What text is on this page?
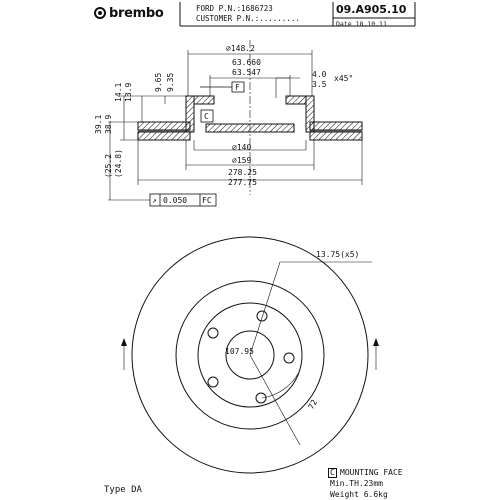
brembo	FORD P.N.:1686723
CUSTOMER P.N.:.........
09.A905.10
Date 18.10.11
⌀148.2
63.660
63.547	4.0
3.5
x45°
F
C
⌀140
⌀159
278.25
277.75
9.65 9.35
14.1 13.9
39.1 38.9
(25.2 (24.8)
↗ 0.050 FC
13.75(x5)
107.95
72
C MOUNTING FACE
Min.TH.23mm
Weight 6.6kg
Type DA
